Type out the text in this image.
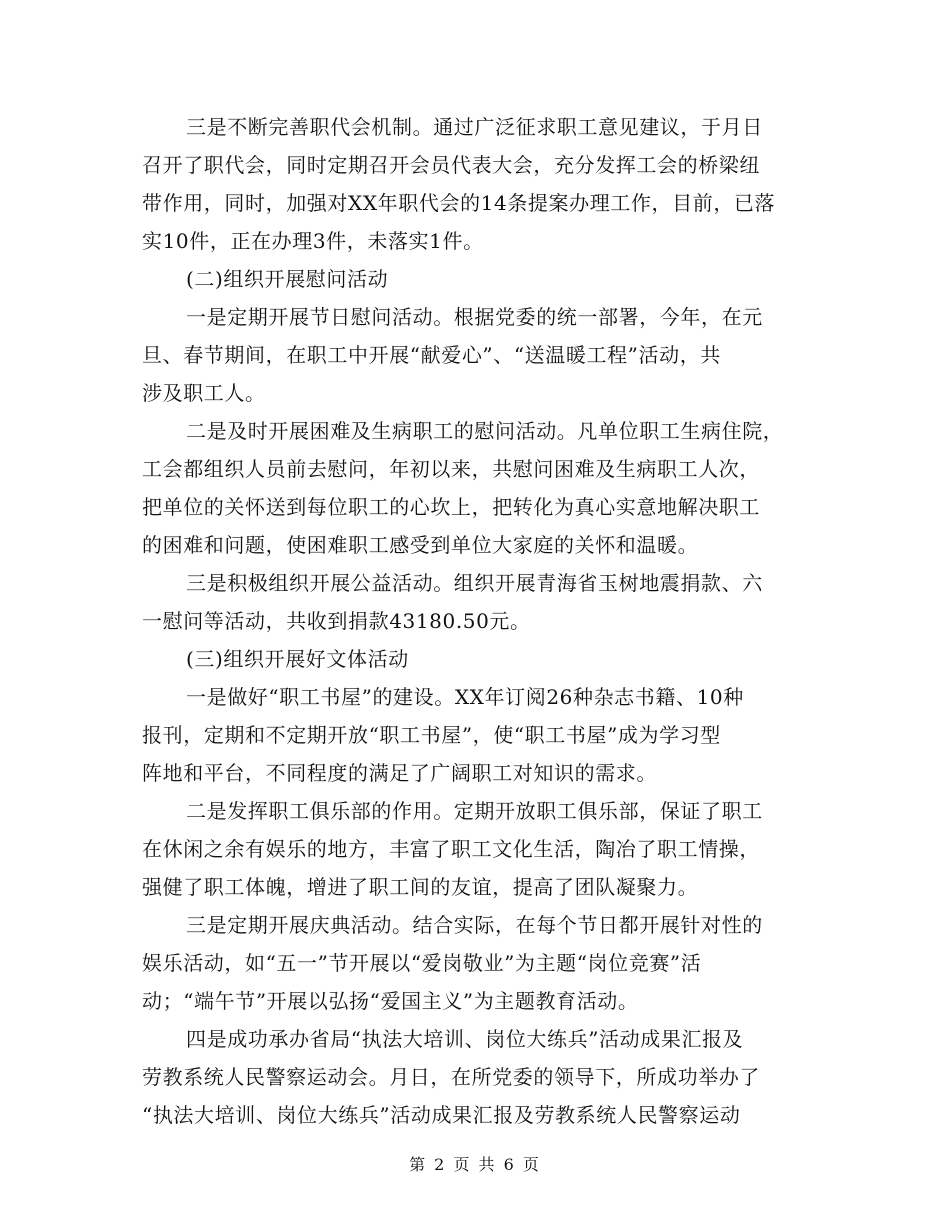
三是不断完善职代会机制。通过广泛征求职工意见建议，于月日
召开了职代会，同时定期召开会员代表大会，充分发挥工会的桥梁纽
带作用，同时，加强对XX年职代会的14条提案办理工作，目前，已落
实10件，正在办理3件，未落实1件。
(二)组织开展慰问活动
一是定期开展节日慰问活动。根据党委的统一部署，今年，在元
旦、春节期间，在职工中开展“献爱心”、“送温暖工程”活动，共
涉及职工人。
二是及时开展困难及生病职工的慰问活动。凡单位职工生病住院，
工会都组织人员前去慰问，年初以来，共慰问困难及生病职工人次，
把单位的关怀送到每位职工的心坎上，把转化为真心实意地解决职工
的困难和问题，使困难职工感受到单位大家庭的关怀和温暖。
三是积极组织开展公益活动。组织开展青海省玉树地震捐款、六
一慰问等活动，共收到捐款43180.50元。
(三)组织开展好文体活动
一是做好“职工书屋”的建设。XX年订阅26种杂志书籍、10种
报刊，定期和不定期开放“职工书屋”，使“职工书屋”成为学习型
阵地和平台，不同程度的满足了广阔职工对知识的需求。
二是发挥职工俱乐部的作用。定期开放职工俱乐部，保证了职工
在休闲之余有娱乐的地方，丰富了职工文化生活，陶冶了职工情操，
强健了职工体魄，增进了职工间的友谊，提高了团队凝聚力。
三是定期开展庆典活动。结合实际，在每个节日都开展针对性的
娱乐活动，如“五一”节开展以“爱岗敬业”为主题“岗位竞赛”活
动；“端午节”开展以弘扬“爱国主义”为主题教育活动。
四是成功承办省局“执法大培训、岗位大练兵”活动成果汇报及
劳教系统人民警察运动会。月日，在所党委的领导下，所成功举办了
“执法大培训、岗位大练兵”活动成果汇报及劳教系统人民警察运动
第 2 页 共 6 页
